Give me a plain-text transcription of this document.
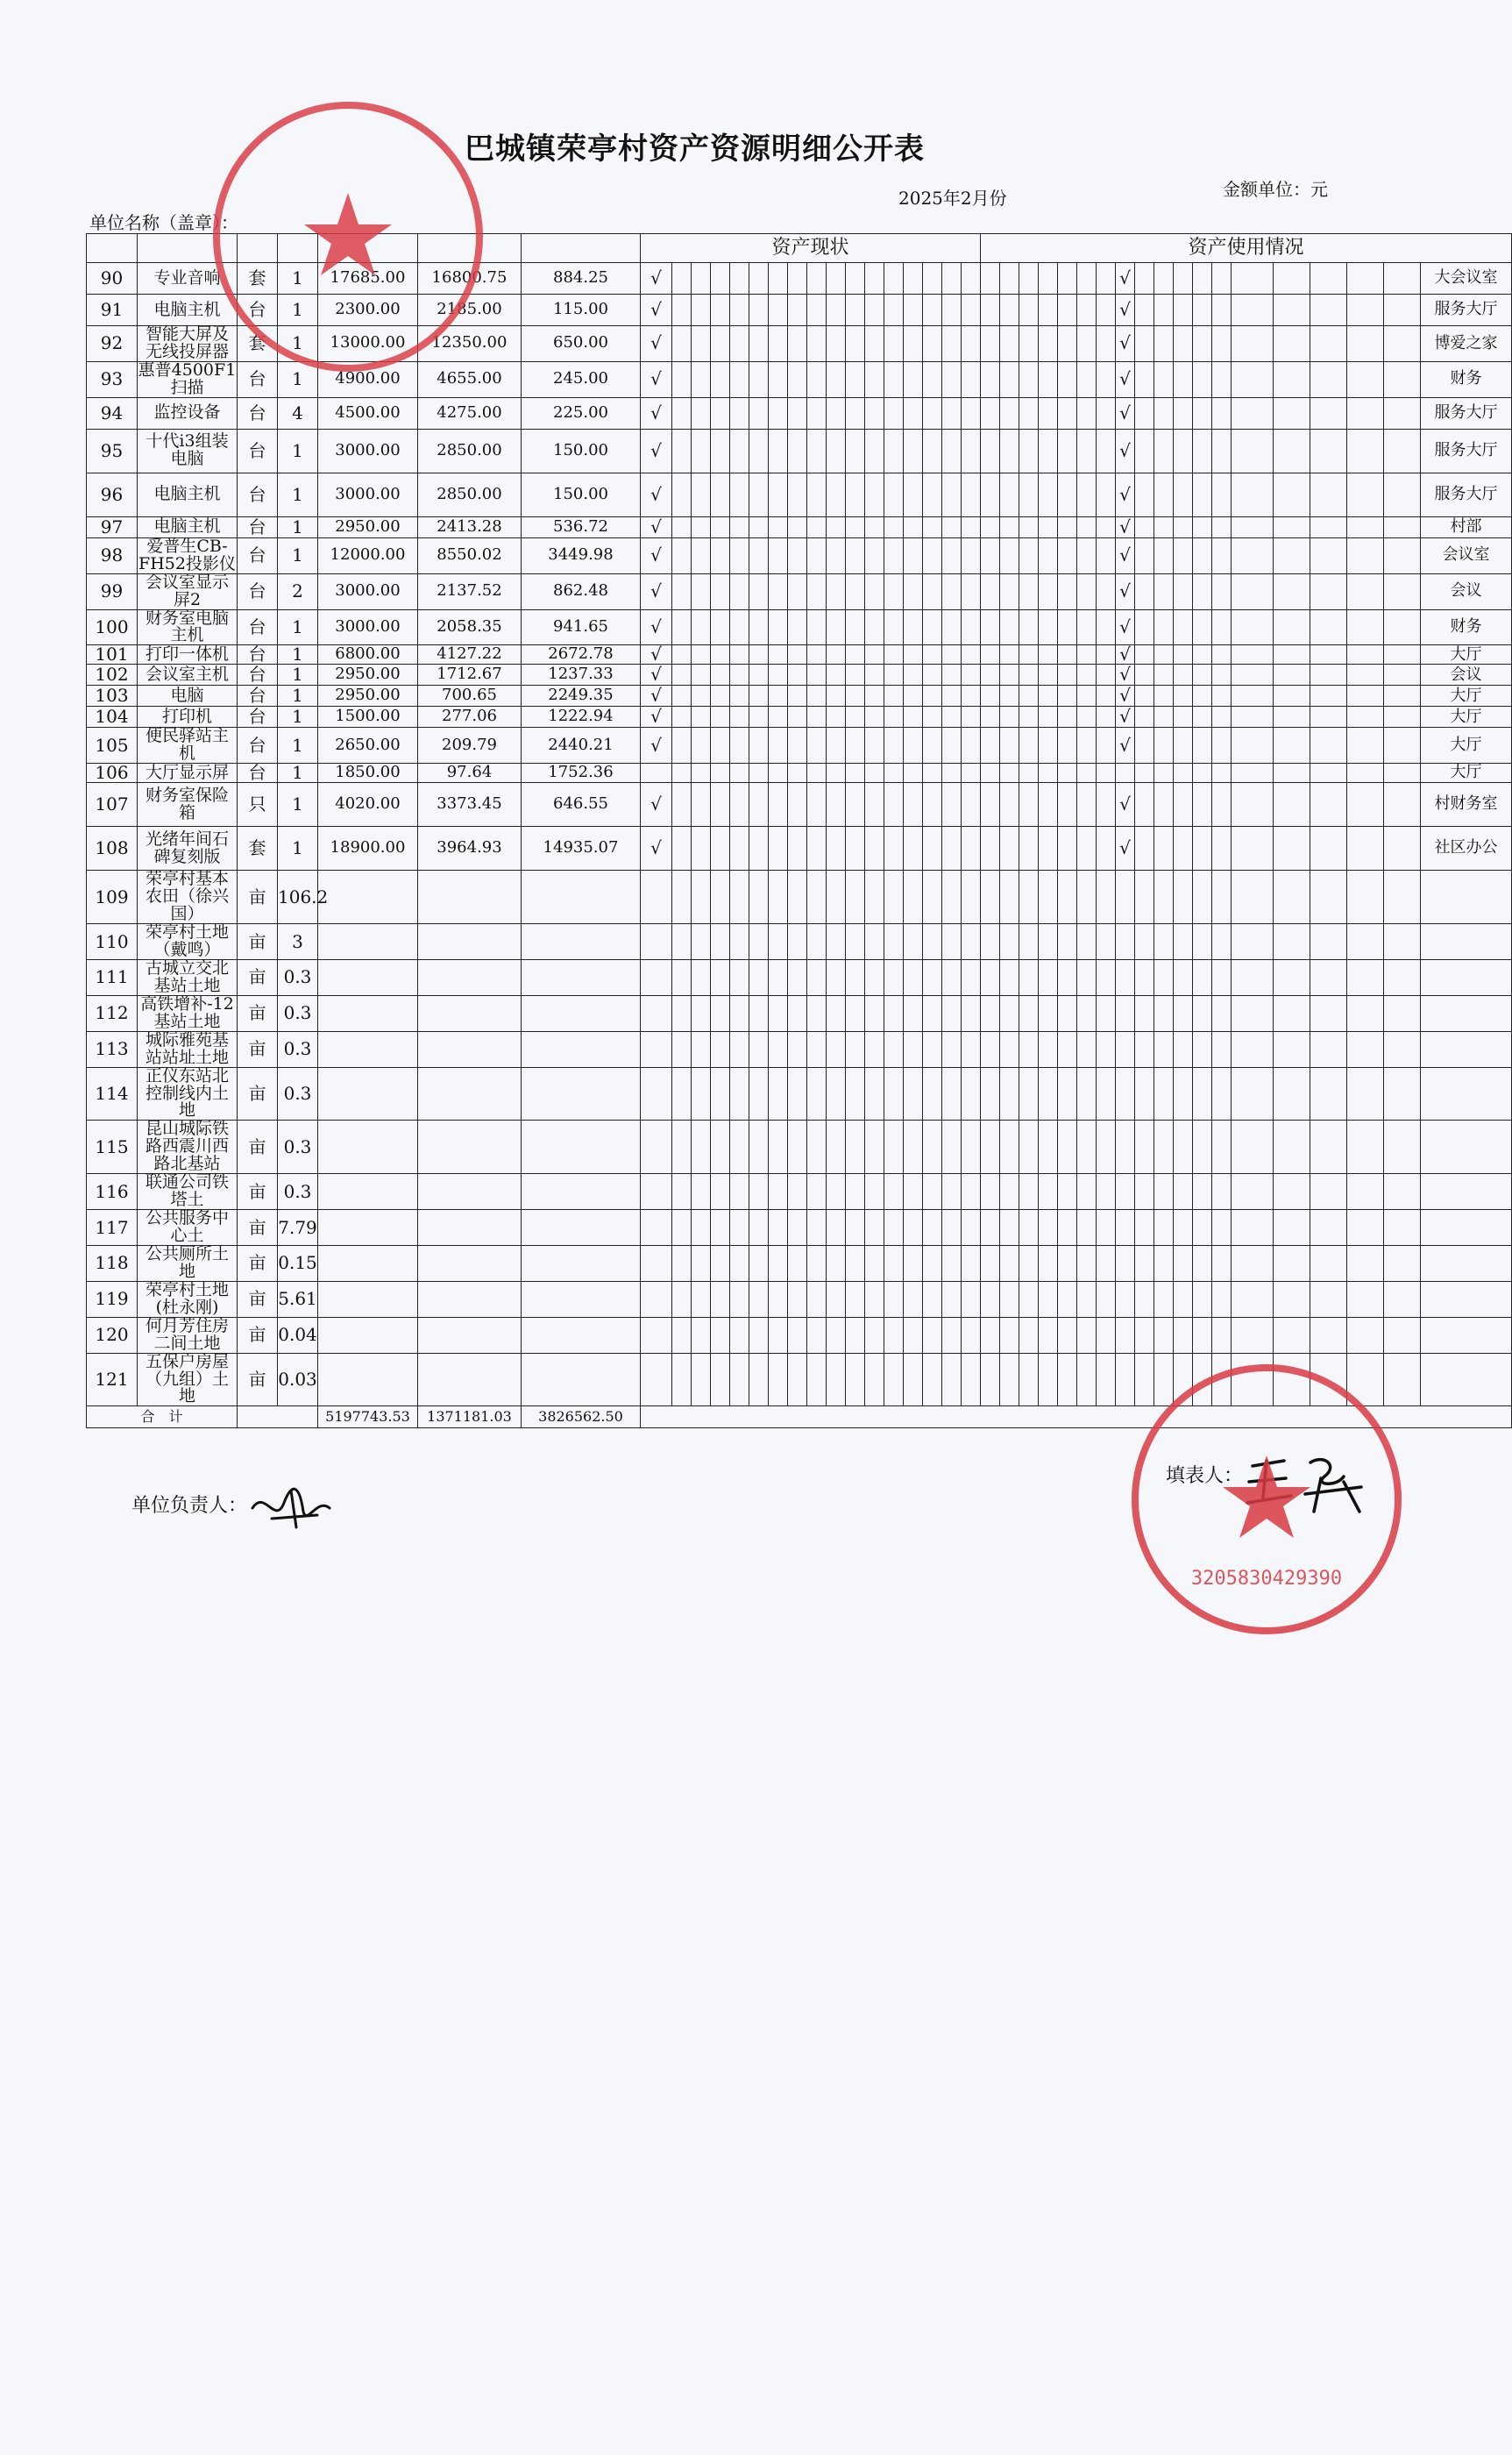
巴城镇荣亭村资产资源明细公开表
单位名称（盖章）：
2025年2月份	金额单位：元
							资产现状																	资产使用情况																		
90	专业音响	套	1	17685.00	16800.75	884.25	√																								√											大会议室
91	电脑主机	台	1	2300.00	2185.00	115.00	√																								√											服务大厅
92	智能大屏及无线投屏器	套	1	13000.00	12350.00	650.00	√																								√											博爱之家
93	惠普4500F1扫描	台	1	4900.00	4655.00	245.00	√																								√											财务
94	监控设备	台	4	4500.00	4275.00	225.00	√																								√											服务大厅
95	十代i3组装电脑	台	1	3000.00	2850.00	150.00	√																								√											服务大厅
96	电脑主机	台	1	3000.00	2850.00	150.00	√																								√											服务大厅
97	电脑主机	台	1	2950.00	2413.28	536.72	√																								√											村部
98	爱普生CB-FH52投影仪	台	1	12000.00	8550.02	3449.98	√																								√											会议室
99	会议室显示屏2	台	2	3000.00	2137.52	862.48	√																								√											会议
100	财务室电脑主机	台	1	3000.00	2058.35	941.65	√																								√											财务
101	打印一体机	台	1	6800.00	4127.22	2672.78	√																								√											大厅
102	会议室主机	台	1	2950.00	1712.67	1237.33	√																								√											会议
103	电脑	台	1	2950.00	700.65	2249.35	√																								√											大厅
104	打印机	台	1	1500.00	277.06	1222.94	√																								√											大厅
105	便民驿站主机	台	1	2650.00	209.79	2440.21	√																								√											大厅
106	大厅显示屏	台	1	1850.00	97.64	1752.36																																				大厅
107	财务室保险箱	只	1	4020.00	3373.45	646.55	√																								√											村财务室
108	光绪年间石碑复刻版	套	1	18900.00	3964.93	14935.07	√																								√											社区办公
109	荣亭村基本农田（徐兴国）	亩	106.2																																							
110	荣亭村土地（戴鸣）	亩	3																																							
111	古城立交北基站土地	亩	0.3																																							
112	高铁增补-12基站土地	亩	0.3																																							
113	城际雅苑基站站址土地	亩	0.3																																							
114	正仪东站北控制线内土地	亩	0.3																																							
115	昆山城际铁路西震川西路北基站	亩	0.3																																							
116	联通公司铁塔土	亩	0.3																																							
117	公共服务中心土	亩	7.79																																							
118	公共厕所土地	亩	0.15																																							
119	荣亭村土地(杜永刚)	亩	5.61																																							
120	何月芳住房二间土地	亩	0.04																																							
121	五保户房屋（九组）土地	亩	0.03																																							
合　计				5197743.53	1371181.03	3826562.50																																				
单位负责人：
填表人：
3205830429390
